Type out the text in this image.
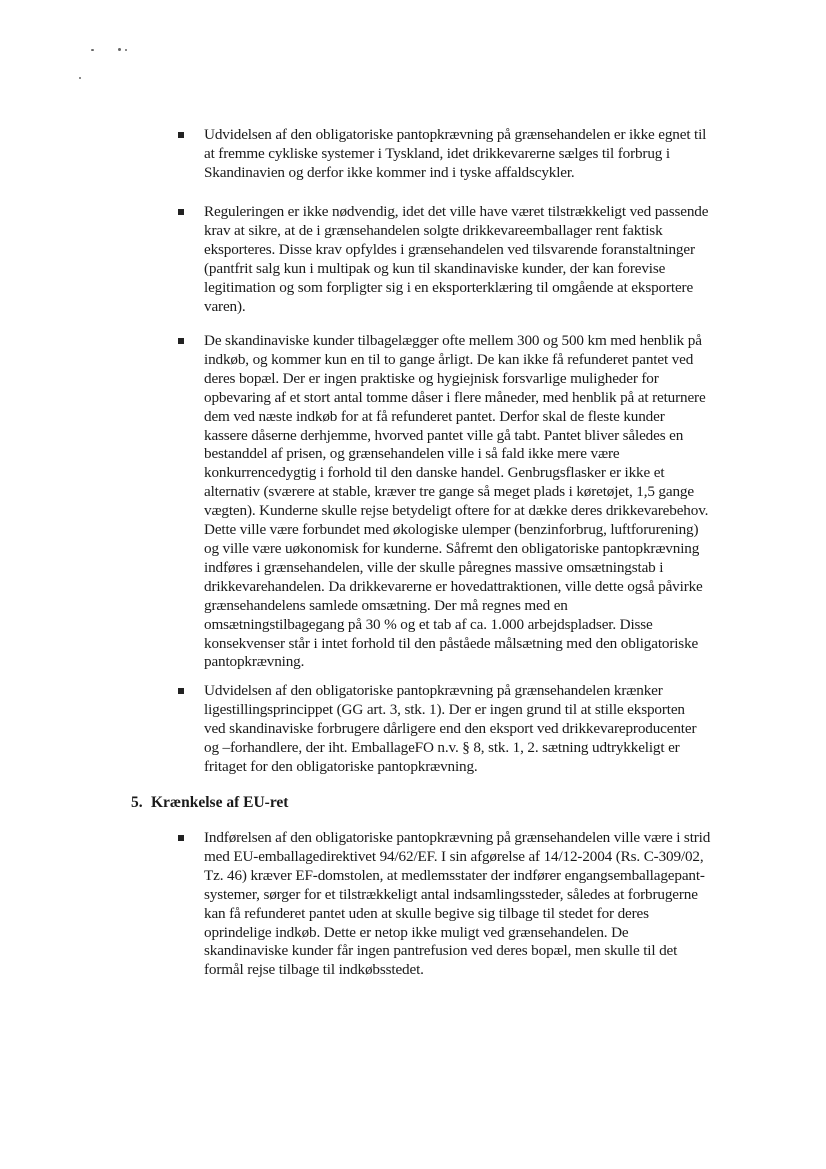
Udvidelsen af den obligatoriske pantopkrævning på grænsehandelen er ikke egnet til
at fremme cykliske systemer i Tyskland, idet drikkevarerne sælges til forbrug i
Skandinavien og derfor ikke kommer ind i tyske affaldscykler.

Reguleringen er ikke nødvendig, idet det ville have været tilstrækkeligt ved passende
krav at sikre, at de i grænsehandelen solgte drikkevareemballager rent faktisk
eksporteres. Disse krav opfyldes i grænsehandelen ved tilsvarende foranstaltninger
(pantfrit salg kun i multipak og kun til skandinaviske kunder, der kan forevise
legitimation og som forpligter sig i en eksporterklæring til omgående at eksportere
varen).

De skandinaviske kunder tilbagelægger ofte mellem 300 og 500 km med henblik på
indkøb, og kommer kun en til to gange årligt. De kan ikke få refunderet pantet ved
deres bopæl. Der er ingen praktiske og hygiejnisk forsvarlige muligheder for
opbevaring af et stort antal tomme dåser i flere måneder, med henblik på at returnere
dem ved næste indkøb for at få refunderet pantet. Derfor skal de fleste kunder
kassere dåserne derhjemme, hvorved pantet ville gå tabt. Pantet bliver således en
bestanddel af prisen, og grænsehandelen ville i så fald ikke mere være
konkurrencedygtig i forhold til den danske handel. Genbrugsflasker er ikke et
alternativ (sværere at stable, kræver tre gange så meget plads i køretøjet, 1,5 gange
vægten). Kunderne skulle rejse betydeligt oftere for at dække deres drikkevarebehov.
Dette ville være forbundet med økologiske ulemper (benzinforbrug, luftforurening)
og ville være uøkonomisk for kunderne. Såfremt den obligatoriske pantopkrævning
indføres i grænsehandelen, ville der skulle påregnes massive omsætningstab i
drikkevarehandelen. Da drikkevarerne er hovedattraktionen, ville dette også påvirke
grænsehandelens samlede omsætning. Der må regnes med en
omsætningstilbagegang på 30 % og et tab af ca. 1.000 arbejdspladser. Disse
konsekvenser står i intet forhold til den påståede målsætning med den obligatoriske
pantopkrævning.

Udvidelsen af den obligatoriske pantopkrævning på grænsehandelen krænker
ligestillingsprincippet (GG art. 3, stk. 1). Der er ingen grund til at stille eksporten
ved skandinaviske forbrugere dårligere end den eksport ved drikkevareproducenter
og –forhandlere, der iht. EmballageFO n.v. § 8, stk. 1, 2. sætning udtrykkeligt er
fritaget for den obligatoriske pantopkrævning.

5. Krænkelse af EU-ret

Indførelsen af den obligatoriske pantopkrævning på grænsehandelen ville være i strid
med EU-emballagedirektivet 94/62/EF. I sin afgørelse af 14/12-2004 (Rs. C-309/02,
Tz. 46) kræver EF-domstolen, at medlemsstater der indfører engangsemballagepant-
systemer, sørger for et tilstrækkeligt antal indsamlingssteder, således at forbrugerne
kan få refunderet pantet uden at skulle begive sig tilbage til stedet for deres
oprindelige indkøb. Dette er netop ikke muligt ved grænsehandelen. De
skandinaviske kunder får ingen pantrefusion ved deres bopæl, men skulle til det
formål rejse tilbage til indkøbsstedet.
